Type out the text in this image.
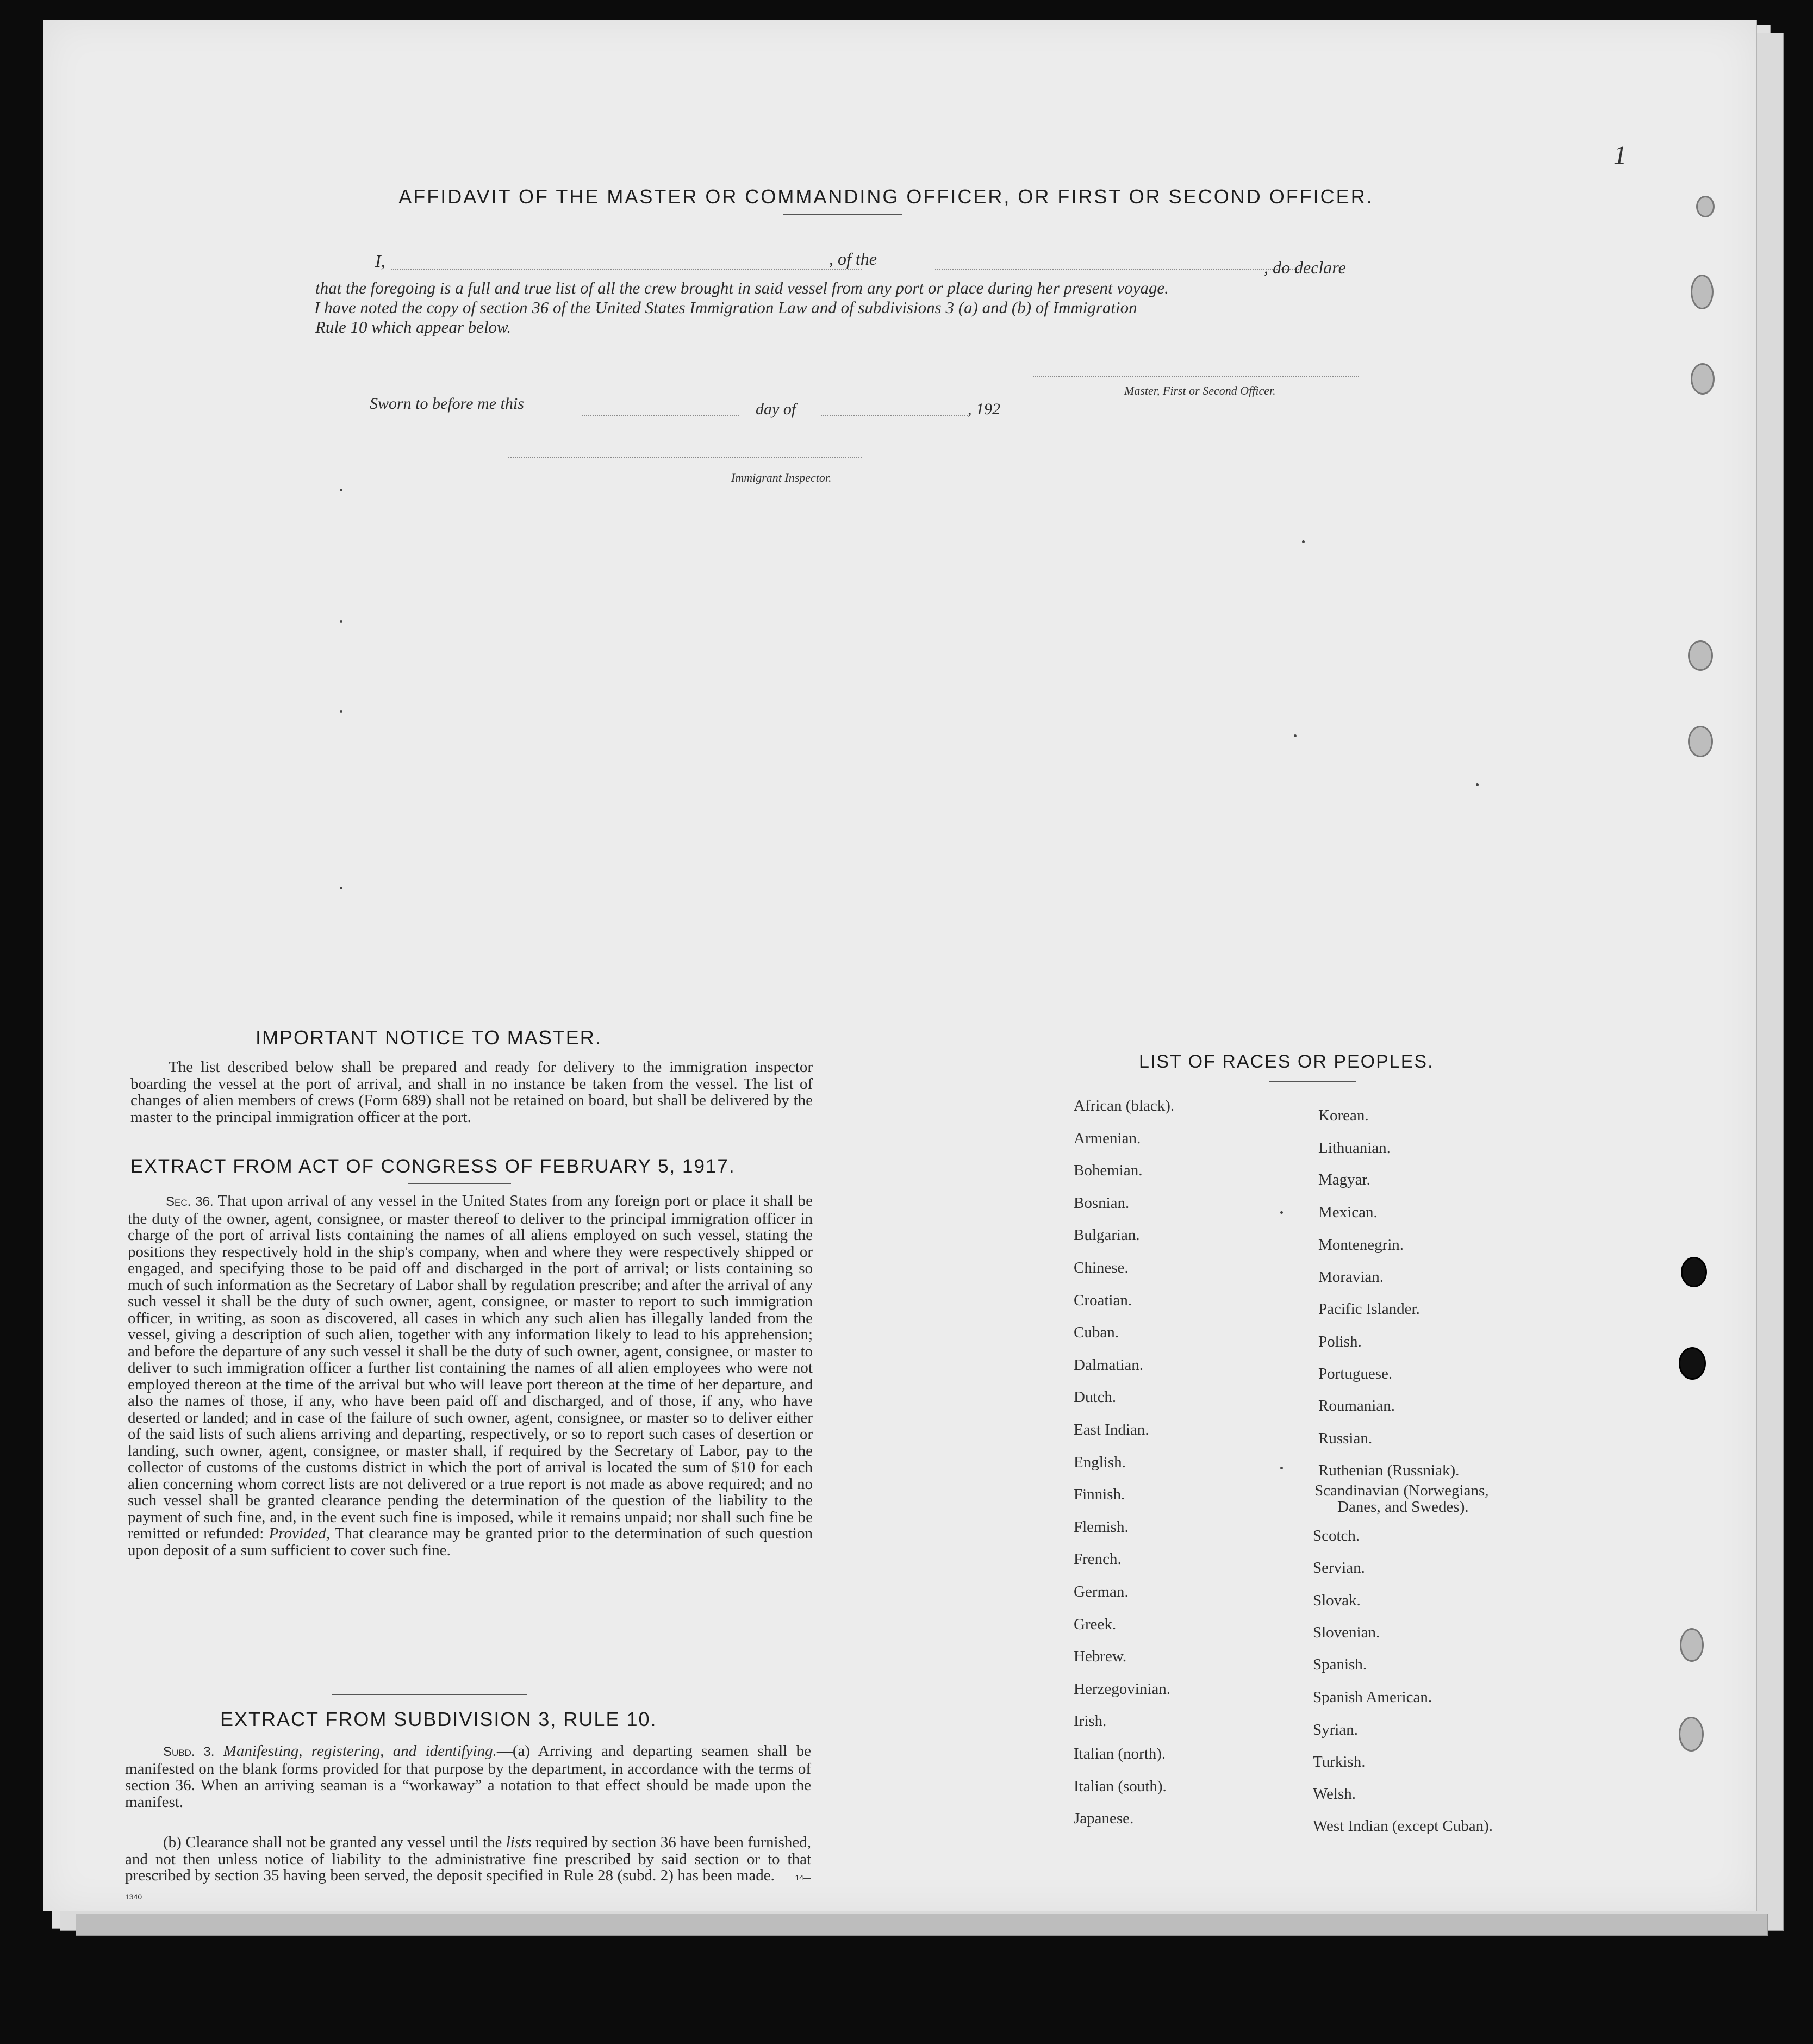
1
AFFIDAVIT OF THE MASTER OR COMMANDING OFFICER, OR FIRST OR SECOND OFFICER.
I,	, of the	, do declare
that the foregoing is a full and true list of all the crew brought in said vessel from any port or place during her present voyage.
I have noted the copy of section 36 of the United States Immigration Law and of subdivisions 3 (a) and (b) of Immigration
Rule 10 which appear below.
Master, First or Second Officer.
Sworn to before me this	day of	, 192
Immigrant Inspector.
IMPORTANT NOTICE TO MASTER.
The list described below shall be prepared and ready for delivery to the immigration inspector boarding the vessel at the port of arrival, and shall in no instance be taken from the vessel. The list of changes of alien members of crews (Form 689) shall not be retained on board, but shall be delivered by the master to the principal immigration officer at the port.
EXTRACT FROM ACT OF CONGRESS OF FEBRUARY 5, 1917.
Sec. 36. That upon arrival of any vessel in the United States from any foreign port or place it shall be the duty of the owner, agent, consignee, or master thereof to deliver to the principal immigration officer in charge of the port of arrival lists containing the names of all aliens employed on such vessel, stating the positions they respectively hold in the ship's company, when and where they were respectively shipped or engaged, and specifying those to be paid off and discharged in the port of arrival; or lists containing so much of such information as the Secretary of Labor shall by regulation prescribe; and after the arrival of any such vessel it shall be the duty of such owner, agent, consignee, or master to report to such immigration officer, in writing, as soon as discovered, all cases in which any such alien has illegally landed from the vessel, giving a description of such alien, together with any information likely to lead to his apprehension; and before the departure of any such vessel it shall be the duty of such owner, agent, consignee, or master to deliver to such immigration officer a further list containing the names of all alien employees who were not employed thereon at the time of the arrival but who will leave port thereon at the time of her departure, and also the names of those, if any, who have been paid off and discharged, and of those, if any, who have deserted or landed; and in case of the failure of such owner, agent, consignee, or master so to deliver either of the said lists of such aliens arriving and departing, respectively, or so to report such cases of desertion or landing, such owner, agent, consignee, or master shall, if required by the Secretary of Labor, pay to the collector of customs of the customs district in which the port of arrival is located the sum of $10 for each alien concerning whom correct lists are not delivered or a true report is not made as above required; and no such vessel shall be granted clearance pending the determination of the question of the liability to the payment of such fine, and, in the event such fine is imposed, while it remains unpaid; nor shall such fine be remitted or refunded: Provided, That clearance may be granted prior to the determination of such question upon deposit of a sum sufficient to cover such fine.
EXTRACT FROM SUBDIVISION 3, RULE 10.
Subd. 3. Manifesting, registering, and identifying.—(a) Arriving and departing seamen shall be manifested on the blank forms provided for that purpose by the department, in accordance with the terms of section 36. When an arriving seaman is a “workaway” a notation to that effect should be made upon the manifest.
(b) Clearance shall not be granted any vessel until the lists required by section 36 have been furnished, and not then unless notice of liability to the administrative fine prescribed by said section or to that prescribed by section 35 having been served, the deposit specified in Rule 28 (subd. 2) has been made.	14—1340
LIST OF RACES OR PEOPLES.
African (black).
Armenian.
Bohemian.
Bosnian.
Bulgarian.
Chinese.
Croatian.
Cuban.
Dalmatian.
Dutch.
East Indian.
English.
Finnish.
Flemish.
French.
German.
Greek.
Hebrew.
Herzegovinian.
Irish.
Italian (north).
Italian (south).
Japanese.
Korean.
Lithuanian.
Magyar.
Mexican.
Montenegrin.
Moravian.
Pacific Islander.
Polish.
Portuguese.
Roumanian.
Russian.
Ruthenian (Russniak).
Scandinavian (Norwegians,
Danes, and Swedes).
Scotch.
Servian.
Slovak.
Slovenian.
Spanish.
Spanish American.
Syrian.
Turkish.
Welsh.
West Indian (except Cuban).
